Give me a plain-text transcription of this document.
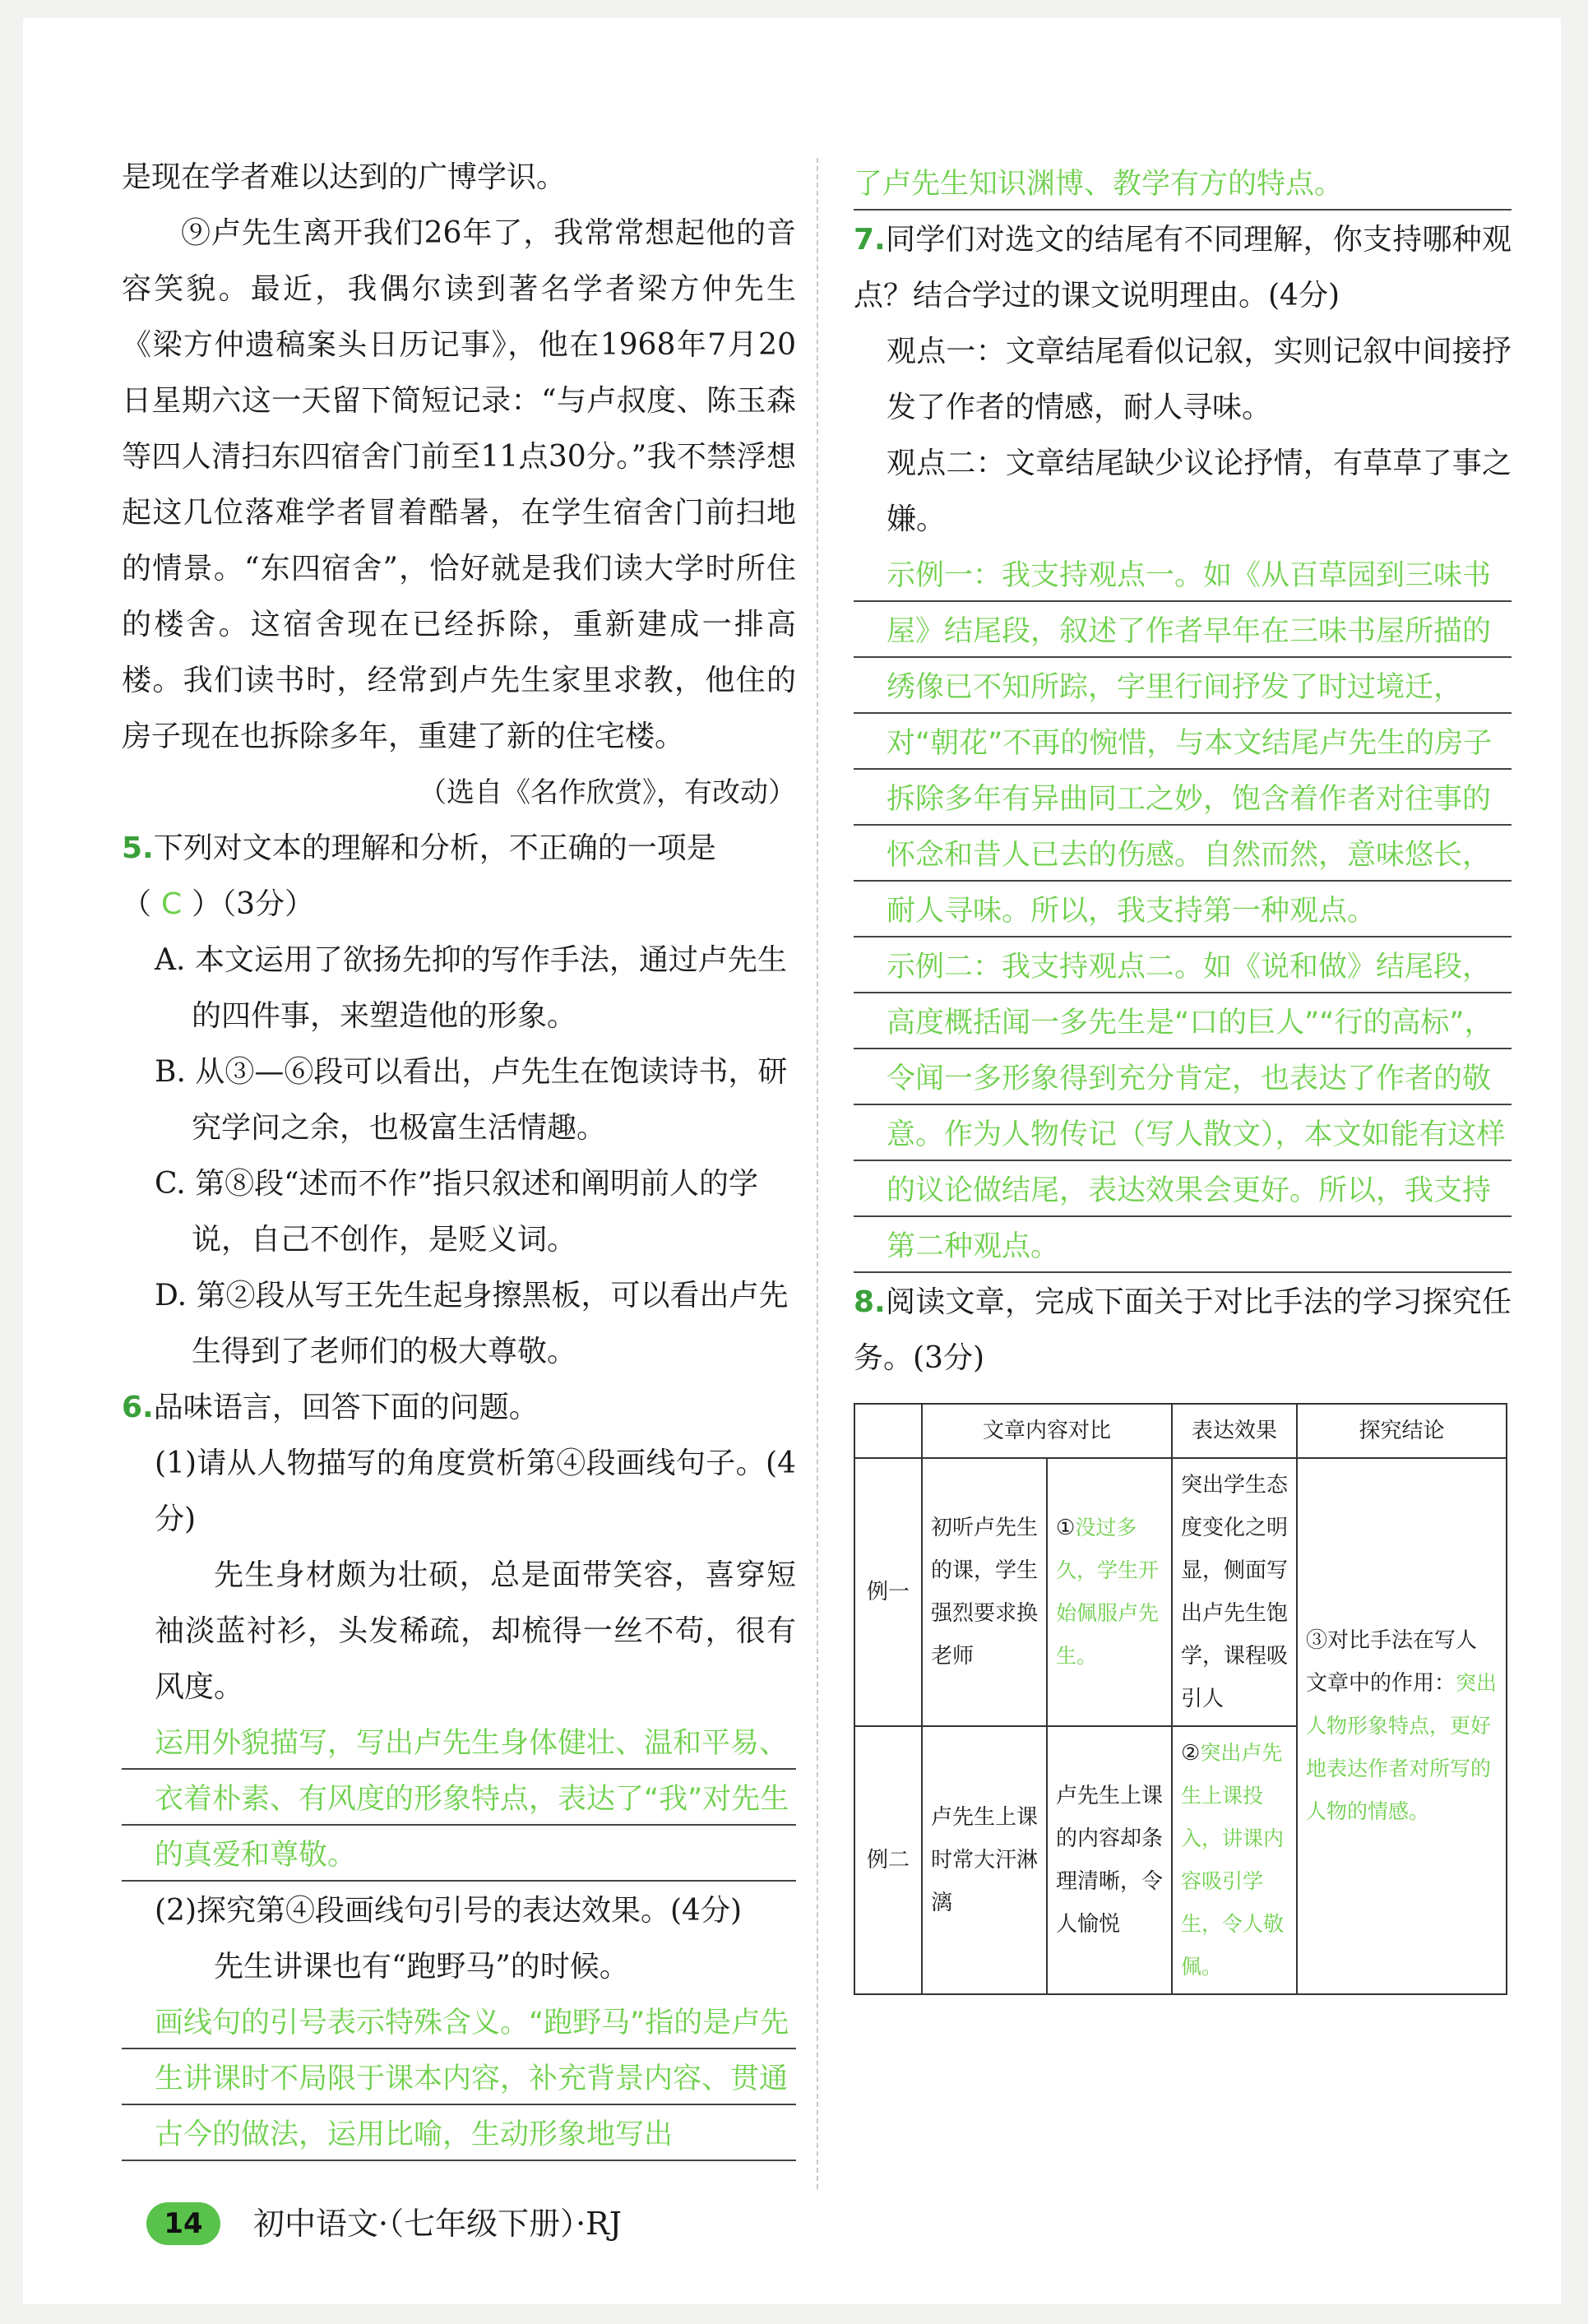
是现在学者难以达到的广博学识。

⑨卢先生离开我们26年了，我常常想起他的音容笑貌。最近，我偶尔读到著名学者梁方仲先生《梁方仲遗稿案头日历记事》，他在1968年7月20日星期六这一天留下简短记录：“与卢叔度、陈玉森等四人清扫东四宿舍门前至11点30分。”我不禁浮想起这几位落难学者冒着酷暑，在学生宿舍门前扫地的情景。“东四宿舍”，恰好就是我们读大学时所住的楼舍。这宿舍现在已经拆除，重新建成一排高楼。我们读书时，经常到卢先生家里求教，他住的房子现在也拆除多年，重建了新的住宅楼。

（选自《名作欣赏》，有改动）

5.下列对文本的理解和分析，不正确的一项是
（ C ）（3分）

A. 本文运用了欲扬先抑的写作手法，通过卢先生的四件事，来塑造他的形象。

B. 从③—⑥段可以看出，卢先生在饱读诗书，研究学问之余，也极富生活情趣。

C. 第⑧段“述而不作”指只叙述和阐明前人的学说，自己不创作，是贬义词。

D. 第②段从写王先生起身擦黑板，可以看出卢先生得到了老师们的极大尊敬。

6.品味语言，回答下面的问题。

(1)请从人物描写的角度赏析第④段画线句子。(4分)

先生身材颇为壮硕，总是面带笑容，喜穿短袖淡蓝衬衫，头发稀疏，却梳得一丝不苟，很有风度。

运用外貌描写，写出卢先生身体健壮、温和平易、衣着朴素、有风度的形象特点，表达了“我”对先生的真爱和尊敬。

(2)探究第④段画线句引号的表达效果。(4分)

先生讲课也有“跑野马”的时候。

画线句的引号表示特殊含义。“跑野马”指的是卢先生讲课时不局限于课本内容，补充背景内容、贯通古今的做法，运用比喻，生动形象地写出

了卢先生知识渊博、教学有方的特点。

7.同学们对选文的结尾有不同理解，你支持哪种观点？结合学过的课文说明理由。(4分)

观点一：文章结尾看似记叙，实则记叙中间接抒发了作者的情感，耐人寻味。

观点二：文章结尾缺少议论抒情，有草草了事之嫌。

示例一：我支持观点一。如《从百草园到三味书屋》结尾段，叙述了作者早年在三味书屋所描的绣像已不知所踪，字里行间抒发了时过境迁，对“朝花”不再的惋惜，与本文结尾卢先生的房子拆除多年有异曲同工之妙，饱含着作者对往事的怀念和昔人已去的伤感。自然而然，意味悠长，耐人寻味。所以，我支持第一种观点。

示例二：我支持观点二。如《说和做》结尾段，高度概括闻一多先生是“口的巨人”“行的高标”，令闻一多形象得到充分肯定，也表达了作者的敬意。作为人物传记（写人散文），本文如能有这样的议论做结尾，表达效果会更好。所以，我支持第二种观点。

8.阅读文章，完成下面关于对比手法的学习探究任务。(3分)

	文章内容对比		表达效果	探究结论
例一	初听卢先生的课，学生强烈要求换老师	①没过多久，学生开始佩服卢先生。	突出学生态度变化之明显，侧面写出卢先生饱学，课程吸引人	③对比手法在写人文章中的作用：突出人物形象特点，更好地表达作者对所写的人物的情感。
例二	卢先生上课时常大汗淋漓	卢先生上课的内容却条理清晰，令人愉悦	②突出卢先生上课投入，讲课内容吸引学生，令人敬佩。	
14	初中语文·（七年级下册）·RJ
